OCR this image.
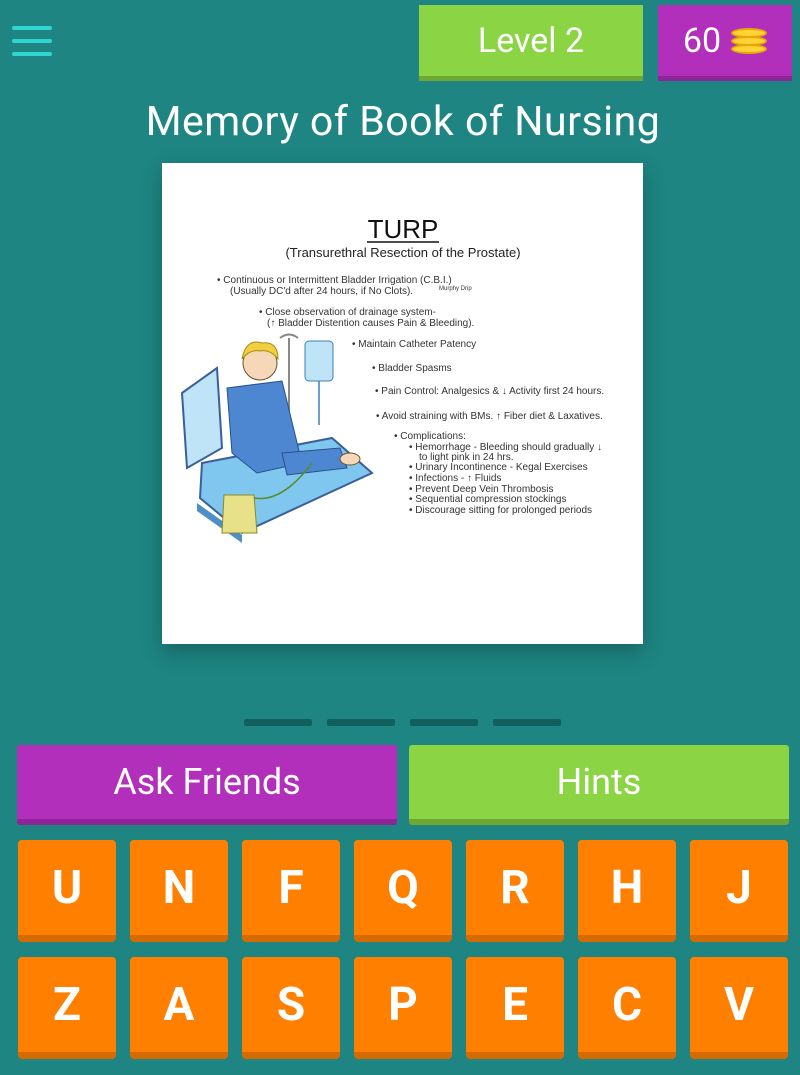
Level 2	60
Memory of Book of Nursing
TURP
(Transurethral Resection of the Prostate)
• Continuous or Intermittent Bladder Irrigation (C.B.I.)
(Usually DC'd after 24 hours, if No Clots).	Murphy Drip
• Close observation of drainage system-
(↑ Bladder Distention causes Pain & Bleeding).
• Maintain Catheter Patency
• Bladder Spasms
• Pain Control: Analgesics & ↓ Activity first 24 hours.
• Avoid straining with BMs. ↑ Fiber diet & Laxatives.
• Complications:
• Hemorrhage - Bleeding should gradually ↓
to light pink in 24 hrs.
• Urinary Incontinence - Kegal Exercises
• Infections - ↑ Fluids
• Prevent Deep Vein Thrombosis
• Sequential compression stockings
• Discourage sitting for prolonged periods
Ask Friends	Hints
U	N	F	Q	R	H	J
Z	A	S	P	E	C	V
